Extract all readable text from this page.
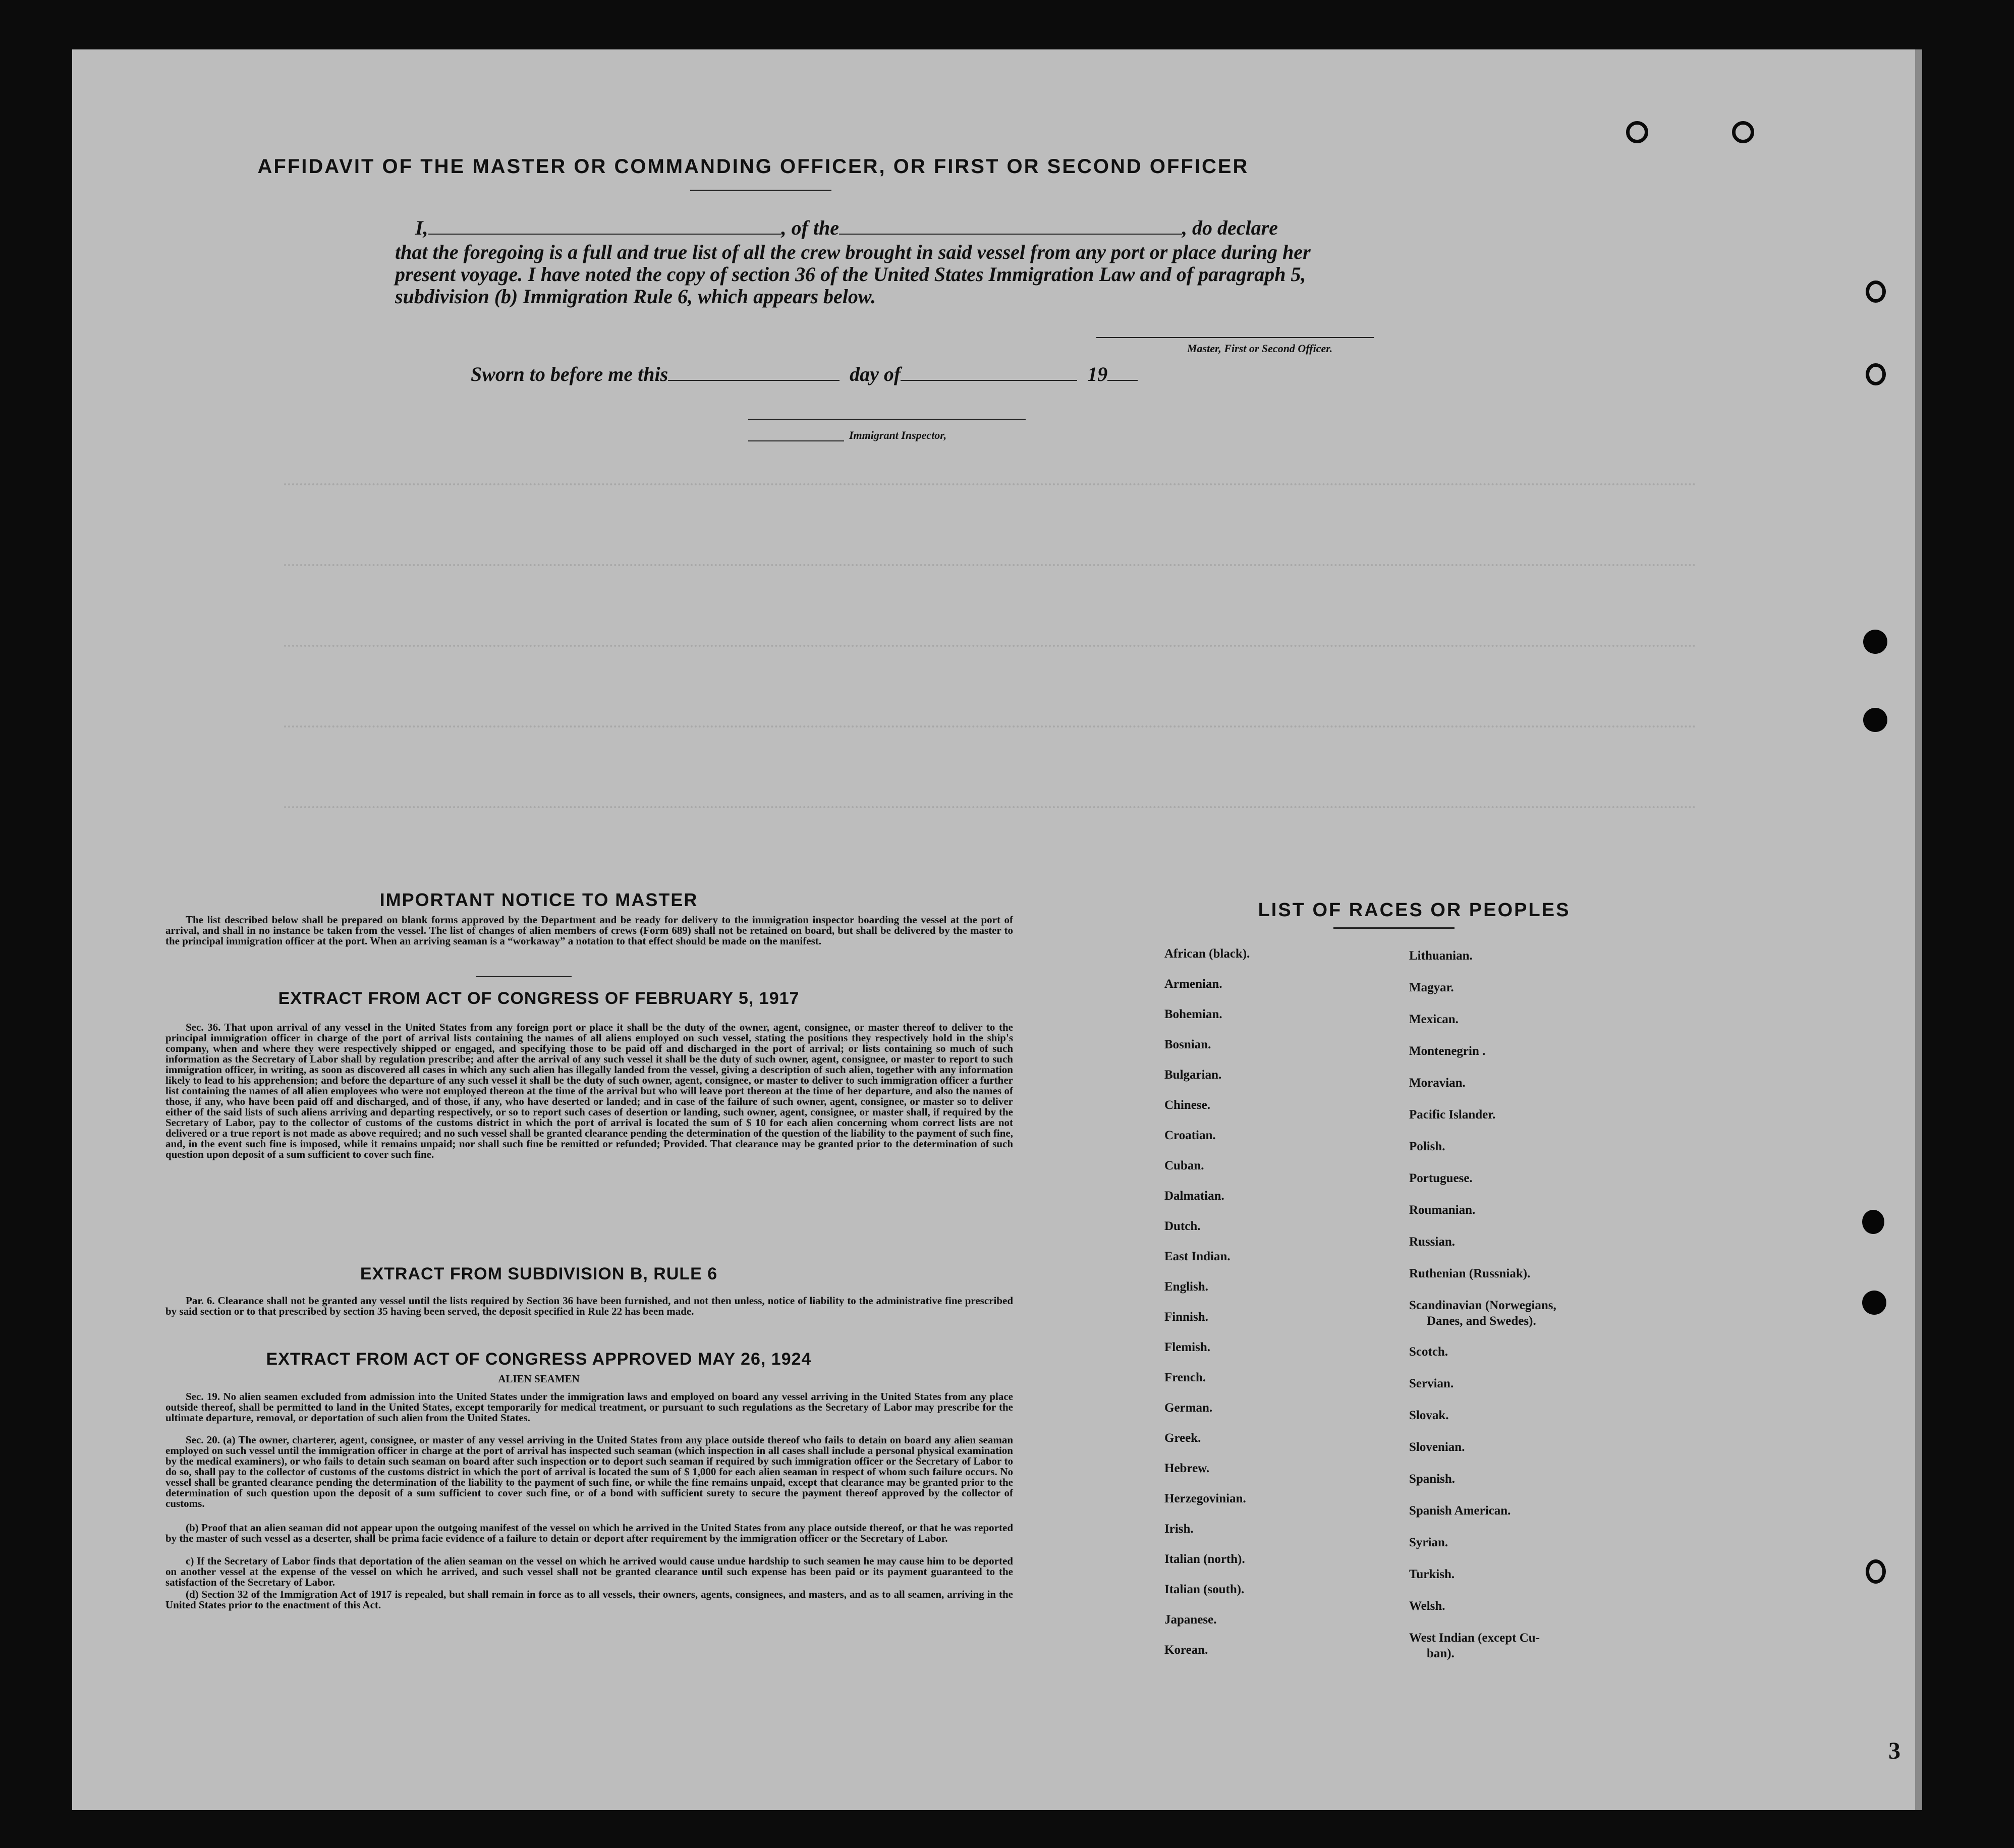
AFFIDAVIT OF THE MASTER OR COMMANDING OFFICER, OR FIRST OR SECOND OFFICER
I,	, of the	, do declare
that the foregoing is a full and true list of all the crew brought in said vessel from any port or place during her
present voyage. I have noted the copy of section 36 of the United States Immigration Law and of paragraph 5,
subdivision (b) Immigration Rule 6, which appears below.
Master, First or Second Officer.
Sworn to before me this	day of	19
Immigrant Inspector,
IMPORTANT NOTICE TO MASTER

The list described below shall be prepared on blank forms approved by the Department and be ready for delivery to the immigration inspector boarding the vessel at the port of arrival, and shall in no instance be taken from the vessel. The list of changes of alien members of crews (Form 689) shall not be retained on board, but shall be delivered by the master to the principal immigration officer at the port. When an arriving seaman is a “workaway” a notation to that effect should be made on the manifest.

EXTRACT FROM ACT OF CONGRESS OF FEBRUARY 5, 1917

Sec. 36. That upon arrival of any vessel in the United States from any foreign port or place it shall be the duty of the owner, agent, consignee, or master thereof to deliver to the principal immigration officer in charge of the port of arrival lists containing the names of all aliens employed on such vessel, stating the positions they respectively hold in the ship's company, when and where they were respectively shipped or engaged, and specifying those to be paid off and discharged in the port of arrival; or lists containing so much of such information as the Secretary of Labor shall by regulation prescribe; and after the arrival of any such vessel it shall be the duty of such owner, agent, consignee, or master to report to such immigration officer, in writing, as soon as discovered all cases in which any such alien has illegally landed from the vessel, giving a description of such alien, together with any information likely to lead to his apprehension; and before the departure of any such vessel it shall be the duty of such owner, agent, consignee, or master to deliver to such immigration officer a further list containing the names of all alien employees who were not employed thereon at the time of the arrival but who will leave port thereon at the time of her departure, and also the names of those, if any, who have been paid off and discharged, and of those, if any, who have deserted or landed; and in case of the failure of such owner, agent, consignee, or master so to deliver either of the said lists of such aliens arriving and departing respectively, or so to report such cases of desertion or landing, such owner, agent, consignee, or master shall, if required by the Secretary of Labor, pay to the collector of customs of the customs district in which the port of arrival is located the sum of $ 10 for each alien concerning whom correct lists are not delivered or a true report is not made as above required; and no such vessel shall be granted clearance pending the determination of the question of the liability to the payment of such fine, and, in the event such fine is imposed, while it remains unpaid; nor shall such fine be remitted or refunded; Provided. That clearance may be granted prior to the determination of such question upon deposit of a sum sufficient to cover such fine.

EXTRACT FROM SUBDIVISION B, RULE 6

Par. 6. Clearance shall not be granted any vessel until the lists required by Section 36 have been furnished, and not then unless, notice of liability to the administrative fine prescribed by said section or to that prescribed by section 35 having been served, the deposit specified in Rule 22 has been made.

EXTRACT FROM ACT OF CONGRESS APPROVED MAY 26, 1924
ALIEN SEAMEN

Sec. 19. No alien seamen excluded from admission into the United States under the immigration laws and employed on board any vessel arriving in the United States from any place outside thereof, shall be permitted to land in the United States, except temporarily for medical treatment, or pursuant to such regulations as the Secretary of Labor may prescribe for the ultimate departure, removal, or deportation of such alien from the United States.

Sec. 20. (a) The owner, charterer, agent, consignee, or master of any vessel arriving in the United States from any place outside thereof who fails to detain on board any alien seaman employed on such vessel until the immigration officer in charge at the port of arrival has inspected such seaman (which inspection in all cases shall include a personal physical examination by the medical examiners), or who fails to detain such seaman on board after such inspection or to deport such seaman if required by such immigration officer or the Secretary of Labor to do so, shall pay to the collector of customs of the customs district in which the port of arrival is located the sum of $ 1,000 for each alien seaman in respect of whom such failure occurs. No vessel shall be granted clearance pending the determination of the liability to the payment of such fine, or while the fine remains unpaid, except that clearance may be granted prior to the determination of such question upon the deposit of a sum sufficient to cover such fine, or of a bond with sufficient surety to secure the payment thereof approved by the collector of customs.

(b) Proof that an alien seaman did not appear upon the outgoing manifest of the vessel on which he arrived in the United States from any place outside thereof, or that he was reported by the master of such vessel as a deserter, shall be prima facie evidence of a failure to detain or deport after requirement by the immigration officer or the Secretary of Labor.

c) If the Secretary of Labor finds that deportation of the alien seaman on the vessel on which he arrived would cause undue hardship to such seamen he may cause him to be deported on another vessel at the expense of the vessel on which he arrived, and such vessel shall not be granted clearance until such expense has been paid or its payment guaranteed to the satisfaction of the Secretary of Labor.

(d) Section 32 of the Immigration Act of 1917 is repealed, but shall remain in force as to all vessels, their owners, agents, consignees, and masters, and as to all seamen, arriving in the United States prior to the enactment of this Act.

LIST OF RACES OR PEOPLES
African (black).
Armenian.
Bohemian.
Bosnian.
Bulgarian.
Chinese.
Croatian.
Cuban.
Dalmatian.
Dutch.
East Indian.
English.
Finnish.
Flemish.
French.
German.
Greek.
Hebrew.
Herzegovinian.
Irish.
Italian (north).
Italian (south).
Japanese.
Korean.
Lithuanian.
Magyar.
Mexican.
Montenegrin .
Moravian.
Pacific Islander.
Polish.
Portuguese.
Roumanian.
Russian.
Ruthenian (Russniak).
Scandinavian (Norwegians,
Danes, and Swedes).
Scotch.
Servian.
Slovak.
Slovenian.
Spanish.
Spanish American.
Syrian.
Turkish.
Welsh.
West Indian (except Cu-
ban).
3
